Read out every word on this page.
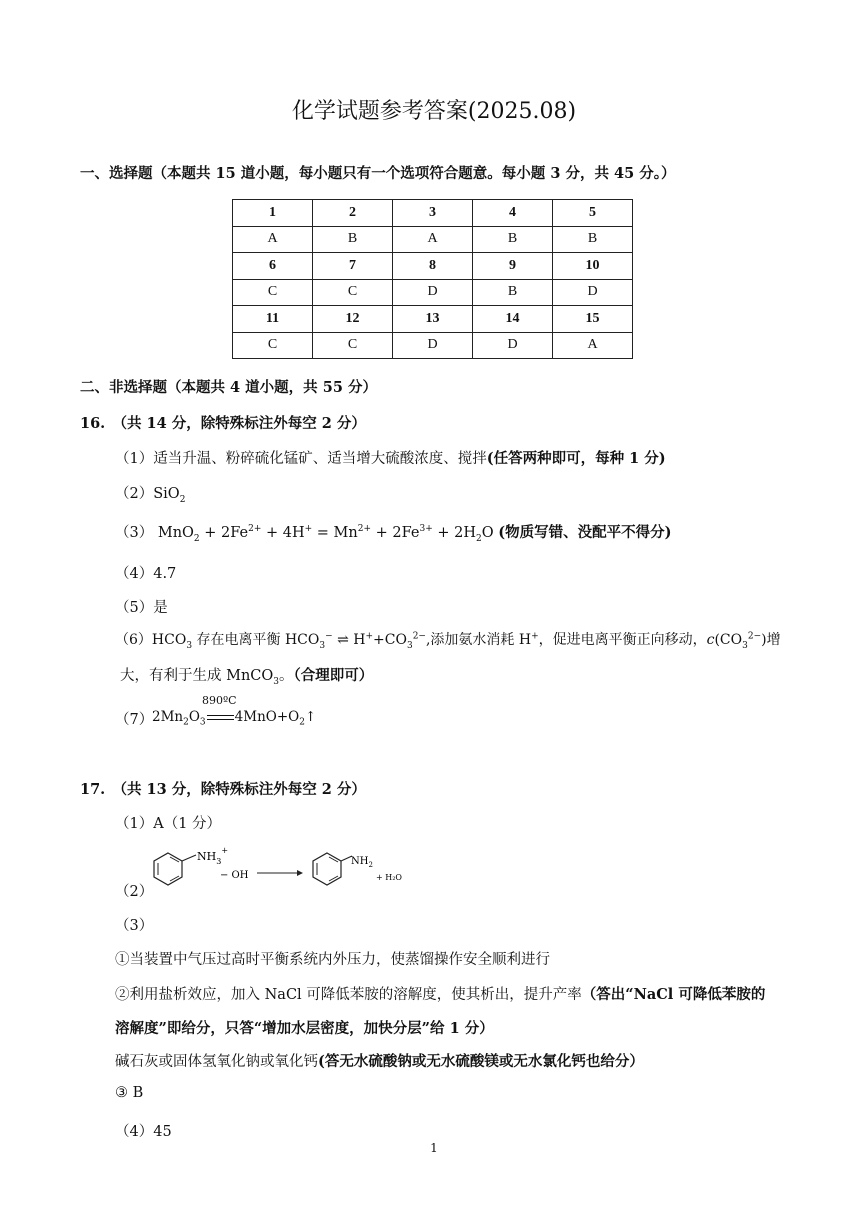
化学试题参考答案(2025.08)
一、选择题（本题共 15 道小题，每小题只有一个选项符合题意。每小题 3 分，共 45 分。）
1	2	3	4	5
A	B	A	B	B
6	7	8	9	10
C	C	D	B	D
11	12	13	14	15
C	C	D	D	A
二、非选择题（本题共 4 道小题，共 55 分）
16.　（共 14 分，除特殊标注外每空 2 分）
（1）适当升温、粉碎硫化锰矿、适当增大硫酸浓度、搅拌(任答两种即可，每种 1 分)
（2）SiO$_2$
（3） $MnO_2 + 2Fe^{2+} + 4H^+ = Mn^{2+} + 2Fe^{3+} + 2H_2O$ (物质写错、没配平不得分)
（4）4.7
（5）是
$(6)HCO_3$ 存在电离平衡 $HCO_3^-$ ⇌ $H^++CO_3^{2-}$,添加氨水消耗 H+，促进电离平衡正向移动，$c(CO_3^{2-})$增
大，有利于生成 MnCO$_3$。（合理即可）
（7）
890ºC
$2Mn_2O_3$ $4MnO+O_2↑$
17.　（共 13 分，除特殊标注外每空 2 分）
（1）A（1 分）
（2）
$NH_3^+$
− OH
$NH_2$
+ H₂O
（3）
①当装置中气压过高时平衡系统内外压力，使蒸馏操作安全顺利进行
②利用盐析效应，加入 NaCl 可降低苯胺的溶解度，使其析出，提升产率（答出“NaCl 可降低苯胺的
溶解度”即给分，只答“增加水层密度，加快分层”给 1 分）
碱石灰或固体氢氧化钠或氧化钙(答无水硫酸钠或无水硫酸镁或无水氯化钙也给分）
③ B
（4）45
1
